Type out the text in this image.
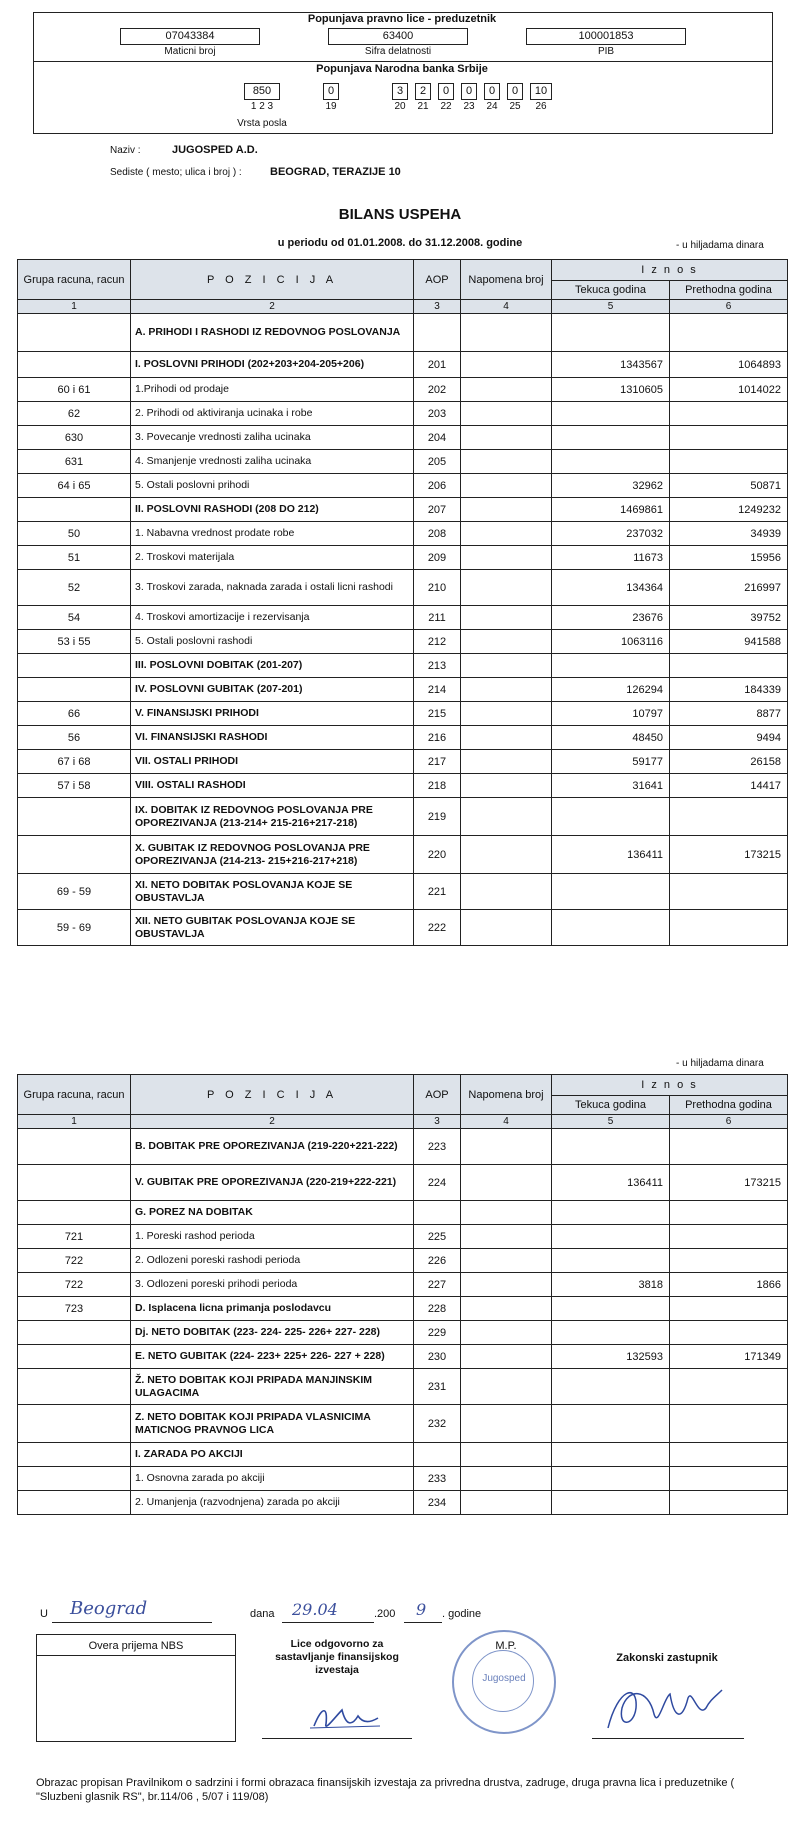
Popunjava pravno lice - preduzetnik
07043384
Maticni broj
63400
Sifra delatnosti
100001853
PIB
Popunjava Narodna banka Srbije
850
1 2 3
Vrsta posla
0
19
3	2	0	0	0	0	10
20	21	22	23	24	25	26
Naziv :	JUGOSPED A.D.
Sediste ( mesto; ulica i broj ) :	BEOGRAD, TERAZIJE 10
BILANS USPEHA
u periodu od 01.01.2008. do 31.12.2008. godine	- u hiljadama dinara
Grupa racuna, racun	P O Z I C I J A	AOP	Napomena broj	I z n o s	
				Tekuca godina	Prethodna godina
1	2	3	4	5	6
	A. PRIHODI I RASHODI IZ REDOVNOG POSLOVANJA				
	I. POSLOVNI PRIHODI (202+203+204-205+206)	201		1343567	1064893
60 i 61	1.Prihodi od prodaje	202		1310605	1014022
62	2. Prihodi od aktiviranja ucinaka i robe	203			
630	3. Povecanje vrednosti zaliha ucinaka	204			
631	4. Smanjenje vrednosti zaliha ucinaka	205			
64 i 65	5. Ostali poslovni prihodi	206		32962	50871
	II. POSLOVNI RASHODI (208 DO 212)	207		1469861	1249232
50	1. Nabavna vrednost prodate robe	208		237032	34939
51	2. Troskovi materijala	209		11673	15956
52	3. Troskovi zarada, naknada zarada i ostali licni rashodi	210		134364	216997
54	4. Troskovi amortizacije i rezervisanja	211		23676	39752
53 i 55	5. Ostali poslovni rashodi	212		1063116	941588
	III. POSLOVNI DOBITAK (201-207)	213			
	IV. POSLOVNI GUBITAK (207-201)	214		126294	184339
66	V. FINANSIJSKI PRIHODI	215		10797	8877
56	VI. FINANSIJSKI RASHODI	216		48450	9494
67 i 68	VII. OSTALI PRIHODI	217		59177	26158
57 i 58	VIII. OSTALI RASHODI	218		31641	14417
	IX. DOBITAK IZ REDOVNOG POSLOVANJA PRE OPOREZIVANJA (213-214+ 215-216+217-218)	219			
	X. GUBITAK IZ REDOVNOG POSLOVANJA PRE OPOREZIVANJA (214-213- 215+216-217+218)	220		136411	173215
69 - 59	XI. NETO DOBITAK POSLOVANJA KOJE SE OBUSTAVLJA	221			
59 - 69	XII. NETO GUBITAK POSLOVANJA KOJE SE OBUSTAVLJA	222			
- u hiljadama dinara
Grupa racuna, racun	P O Z I C I J A	AOP	Napomena broj	I z n o s	
				Tekuca godina	Prethodna godina
1	2	3	4	5	6
	B. DOBITAK PRE OPOREZIVANJA (219-220+221-222)	223			
	V. GUBITAK PRE OPOREZIVANJA (220-219+222-221)	224		136411	173215
	G. POREZ NA DOBITAK				
721	1. Poreski rashod perioda	225			
722	2. Odlozeni poreski rashodi perioda	226			
722	3. Odlozeni poreski prihodi perioda	227		3818	1866
723	D. Isplacena licna primanja poslodavcu	228			
	Dj. NETO DOBITAK (223- 224- 225- 226+ 227- 228)	229			
	E. NETO GUBITAK (224- 223+ 225+ 226- 227 + 228)	230		132593	171349
	Ž. NETO DOBITAK KOJI PRIPADA MANJINSKIM ULAGACIMA	231			
	Z. NETO DOBITAK KOJI PRIPADA VLASNICIMA MATICNOG PRAVNOG LICA	232			
	I. ZARADA PO AKCIJI				
	1. Osnovna zarada po akciji	233			
	2. Umanjenja (razvodnjena) zarada po akciji	234			
U Beograd	dana 29.04	.200 9 . godine
Overa prijema NBS	Lice odgovorno za sastavljanje finansijskog izvestaja
M.P.
Jugosped
Zakonski zastupnik
Obrazac propisan Pravilnikom o sadrzini i formi obrazaca finansijskih izvestaja za privredna drustva, zadruge, druga pravna lica i preduzetnike ( "Sluzbeni glasnik RS", br.114/06 , 5/07 i 119/08)
